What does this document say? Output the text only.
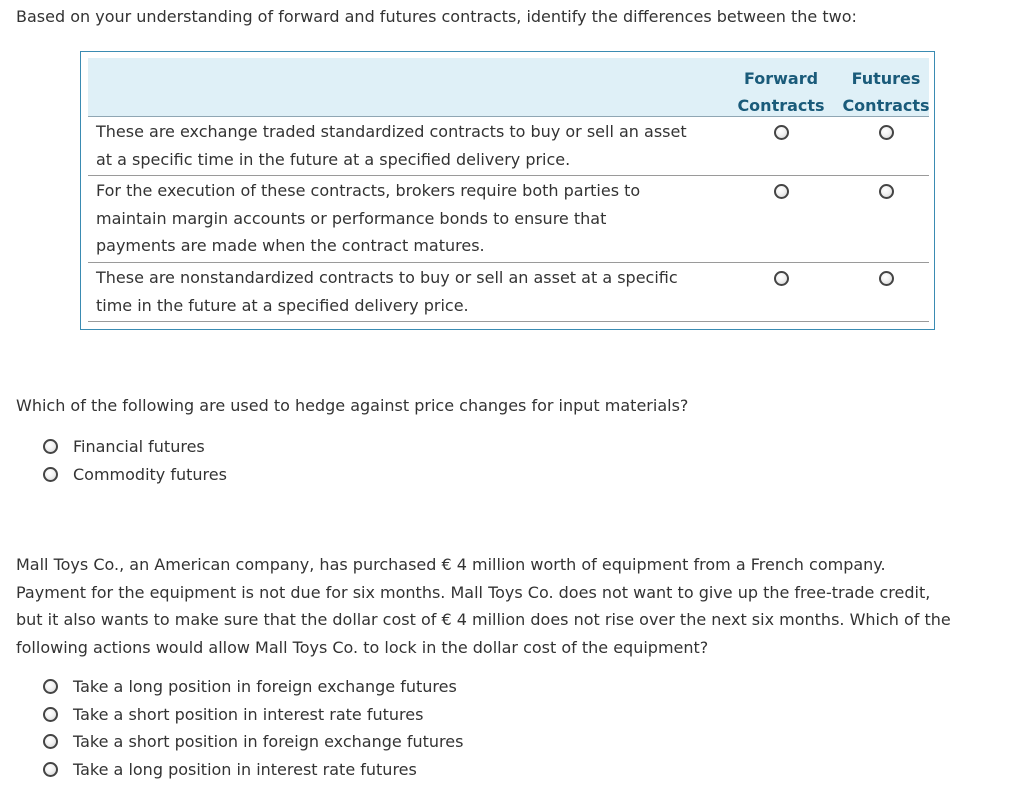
Based on your understanding of forward and futures contracts, identify the differences between the two:
Forward
Contracts
Futures
Contracts
These are exchange traded standardized contracts to buy or sell an asset
at a specific time in the future at a specified delivery price.
For the execution of these contracts, brokers require both parties to
maintain margin accounts or performance bonds to ensure that
payments are made when the contract matures.
These are nonstandardized contracts to buy or sell an asset at a specific
time in the future at a specified delivery price.
Which of the following are used to hedge against price changes for input materials?
Financial futures
Commodity futures
Mall Toys Co., an American company, has purchased € 4 million worth of equipment from a French company.
Payment for the equipment is not due for six months. Mall Toys Co. does not want to give up the free-trade credit,
but it also wants to make sure that the dollar cost of € 4 million does not rise over the next six months. Which of the
following actions would allow Mall Toys Co. to lock in the dollar cost of the equipment?
Take a long position in foreign exchange futures
Take a short position in interest rate futures
Take a short position in foreign exchange futures
Take a long position in interest rate futures
